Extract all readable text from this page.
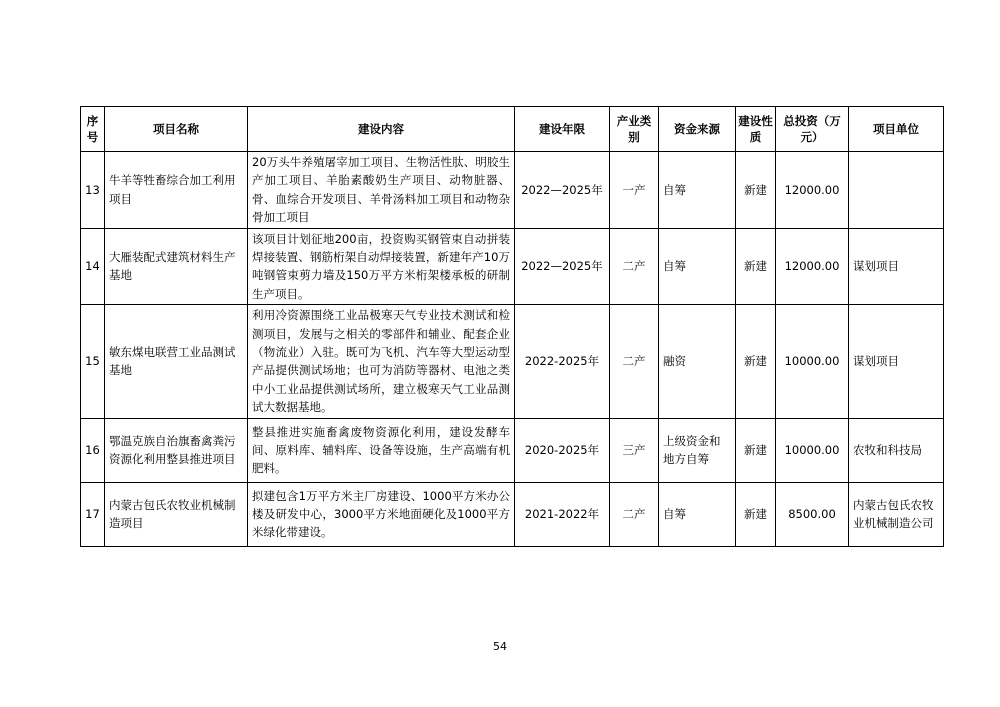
序号	项目名称	建设内容	建设年限	产业类别	资金来源	建设性质	总投资（万元）	项目单位
13	牛羊等牲畜综合加工利用项目	20万头牛养殖屠宰加工项目、生物活性肽、明胶生产加工项目、羊胎素酸奶生产项目、动物脏器、骨、血综合开发项目、羊骨汤料加工项目和动物杂骨加工项目	2022—2025年	一产	自筹	新建	12000.00	
14	大雁装配式建筑材料生产基地	该项目计划征地200亩，投资购买钢管束自动拼装焊接装置、钢筋桁架自动焊接装置，新建年产10万吨钢管束剪力墙及150万平方米桁架楼承板的研制生产项目。	2022—2025年	二产	自筹	新建	12000.00	谋划项目
15	敏东煤电联营工业品测试基地	利用冷资源围绕工业品极寒天气专业技术测试和检测项目，发展与之相关的零部件和辅业、配套企业（物流业）入驻。既可为飞机、汽车等大型运动型产品提供测试场地；也可为消防等器材、电池之类中小工业品提供测试场所，建立极寒天气工业品测试大数据基地。	2022-2025年	二产	融资	新建	10000.00	谋划项目
16	鄂温克族自治旗畜禽粪污资源化利用整县推进项目	整县推进实施畜禽废物资源化利用，建设发酵车间、原料库、辅料库、设备等设施，生产高端有机肥料。	2020-2025年	三产	上级资金和地方自筹	新建	10000.00	农牧和科技局
17	内蒙古包氏农牧业机械制造项目	拟建包含1万平方米主厂房建设、1000平方米办公楼及研发中心，3000平方米地面硬化及1000平方米绿化带建设。	2021-2022年	二产	自筹	新建	8500.00	内蒙古包氏农牧业机械制造公司
54
